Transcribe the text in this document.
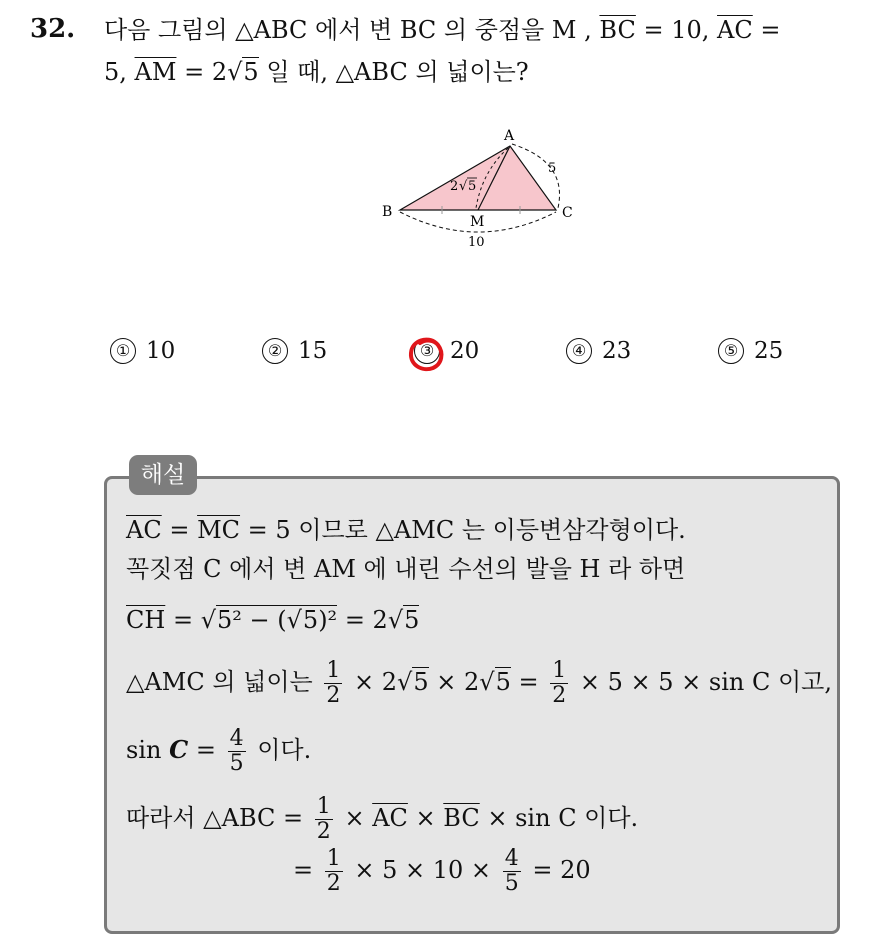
32. 다음 그림의 △ABC 에서 변 BC 의 중점을 M , $\overline{BC} = 10$, $\overline{AC}$ =
5, $\overline{AM} = 2√5$ 일 때, △ABC 의 넓이는?
A
B	C
M
5
10
2 √ 5
① 10	② 15	③ 20	④ 23	⑤ 25
해설
$\overline{AC} = \overline{MC} = 5$ 이므로 △AMC 는 이등변삼각형이다.
꼭짓점 C 에서 변 AM 에 내린 수선의 발을 H 라 하면
$\overline{CH} = √5^2 - (√5)^2 = 2√5$
△AMC 의 넓이는 $\frac{1}{2} \times 2√5 \times 2√5 = \frac{1}{2} \times 5 \times 5 \times \sin C$ 이고,
$\sin C = \frac{4}{5}$ 이다.
따라서 △ABC = $\frac{1}{2} \times \overline{AC} \times \overline{BC} \times \sin C$ 이다.
= $\frac{1}{2} \times 5 \times 10 \times \frac{4}{5} = 20$
